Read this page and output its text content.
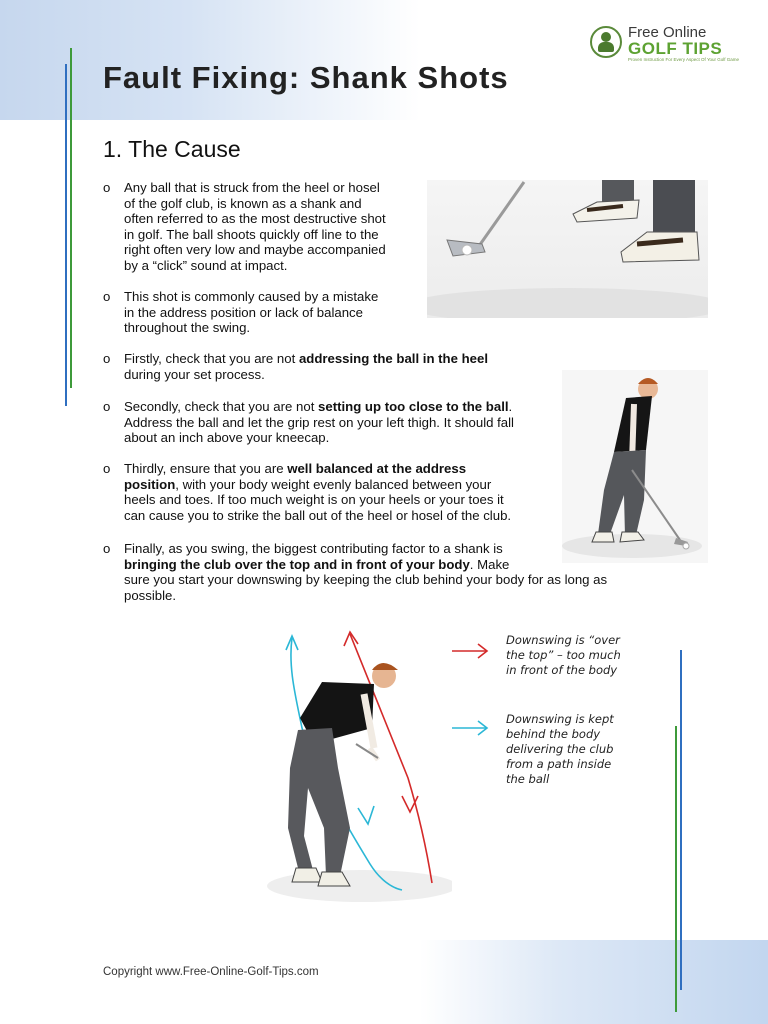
Free Online
GOLF TIPS
Proven Instruction For Every Aspect Of Your Golf Game
Fault Fixing: Shank Shots
1. The Cause
o Any ball that is struck from the heel or hosel
of the golf club, is known as a shank and
often referred to as the most destructive shot
in golf. The ball shoots quickly off line to the
right often very low and maybe accompanied
by a “click” sound at impact.
o This shot is commonly caused by a mistake
in the address position or lack of balance
throughout the swing.
o Firstly, check that you are not addressing the ball in the heel
during your set process.
o Secondly, check that you are not setting up too close to the ball.
Address the ball and let the grip rest on your left thigh. It should fall
about an inch above your kneecap.
o Thirdly, ensure that you are well balanced at the address
position, with your body weight evenly balanced between your
heels and toes. If too much weight is on your heels or your toes it
can cause you to strike the ball out of the heel or hosel of the club.
o Finally, as you swing, the biggest contributing factor to a shank is
bringing the club over the top and in front of your body. Make
sure you start your downswing by keeping the club behind your body for as long as
possible.
Downswing is “over
the top” – too much
in front of the body
Downswing is kept
behind the body
delivering the club
from a path inside
the ball
Copyright www.Free-Online-Golf-Tips.com
